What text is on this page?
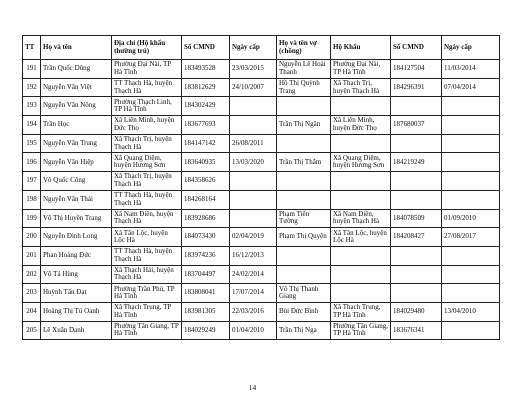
TT	Họ và tên	Địa chỉ (Hộ khẩu thường trú)	Số CMND	Ngày cấp	Họ và tên vợ (chồng)	Hộ Khẩu	Số CMND	Ngày cấp
191	Trần Quốc Dũng	Phường Đại Nài, TP Hà Tĩnh	183493528	23/03/2015	Nguyễn Lê Hoài Thanh	Phường Đại Nài, TP Hà Tĩnh	184127504	11/03/2014
192	Nguyễn Văn Việt	TT Thạch Hà, huyện Thạch Hà	183812629	24/10/2007	Hồ Thị Quỳnh Trang	Xã Thạch Trị, huyện Thạch Hà	184296391	07/04/2014
193	Nguyễn Văn Nông	Phường Thạch Linh, TP Hà Tĩnh	184302429					
194	Trần Học	Xã Liên Minh, huyện Đức Thọ	183677693		Trần Thị Ngân	Xã Liên Minh, huyện Đức Thọ	187680037	
195	Nguyễn Văn Trung	Xã Thạch Trị, huyện Thạch Hà	184147142	26/08/2011				
196	Nguyễn Văn Hiệp	Xã Quang Diệm, huyện Hương Sơn	183640935	13/03/2020	Trần Thị Thắm	Xã Quang Diệm, huyện Hương Sơn	184219249	
197	Võ Quốc Công	Xã Thạch Trị, huyện Thạch Hà	184358626					
198	Nguyễn Văn Thái	TT Thạch Hà, huyện Thạch Hà	184268164					
199	Võ Thị Huyền Trang	Xã Nam Điền, huyện Thạch Hà	183928686		Phạm Tiến Tường	Xã Nam Điền, huyện Thạch Hà	184078509	01/09/2010
200	Nguyễn Đình Long	Xã Tân Lộc, huyện Lộc Hà	184073430	02/04/2019	Phạm Thị Quyên	Xã Tân Lộc, huyện Lộc Hà	184208427	27/08/2017
201	Phan Hoàng Đức	TT Thạch Hà, huyện Thạch Hà	183974236	16/12/2013				
202	Võ Tá Hùng	Xã Thạch Hải, huyện Thạch Hà	183704497	24/02/2014				
203	Huỳnh Tấn Đạt	Phường Trần Phú, TP Hà Tĩnh	183808041	17/07/2014	Võ Thị Thanh Giang			
204	Hoàng Thị Tú Oanh	Xã Thạch Trung, TP Hà Tĩnh	183981305	22/03/2016	Bùi Đức Bình	Xã Thạch Trung, TP Hà Tĩnh	184029480	13/04/2010
205	Lê Xuân Danh	Phường Tân Giang, TP Hà Tĩnh	184029249	01/04/2010	Trần Thị Nga	Phường Tân Giang, TP Hà Tĩnh	183676341	
14
